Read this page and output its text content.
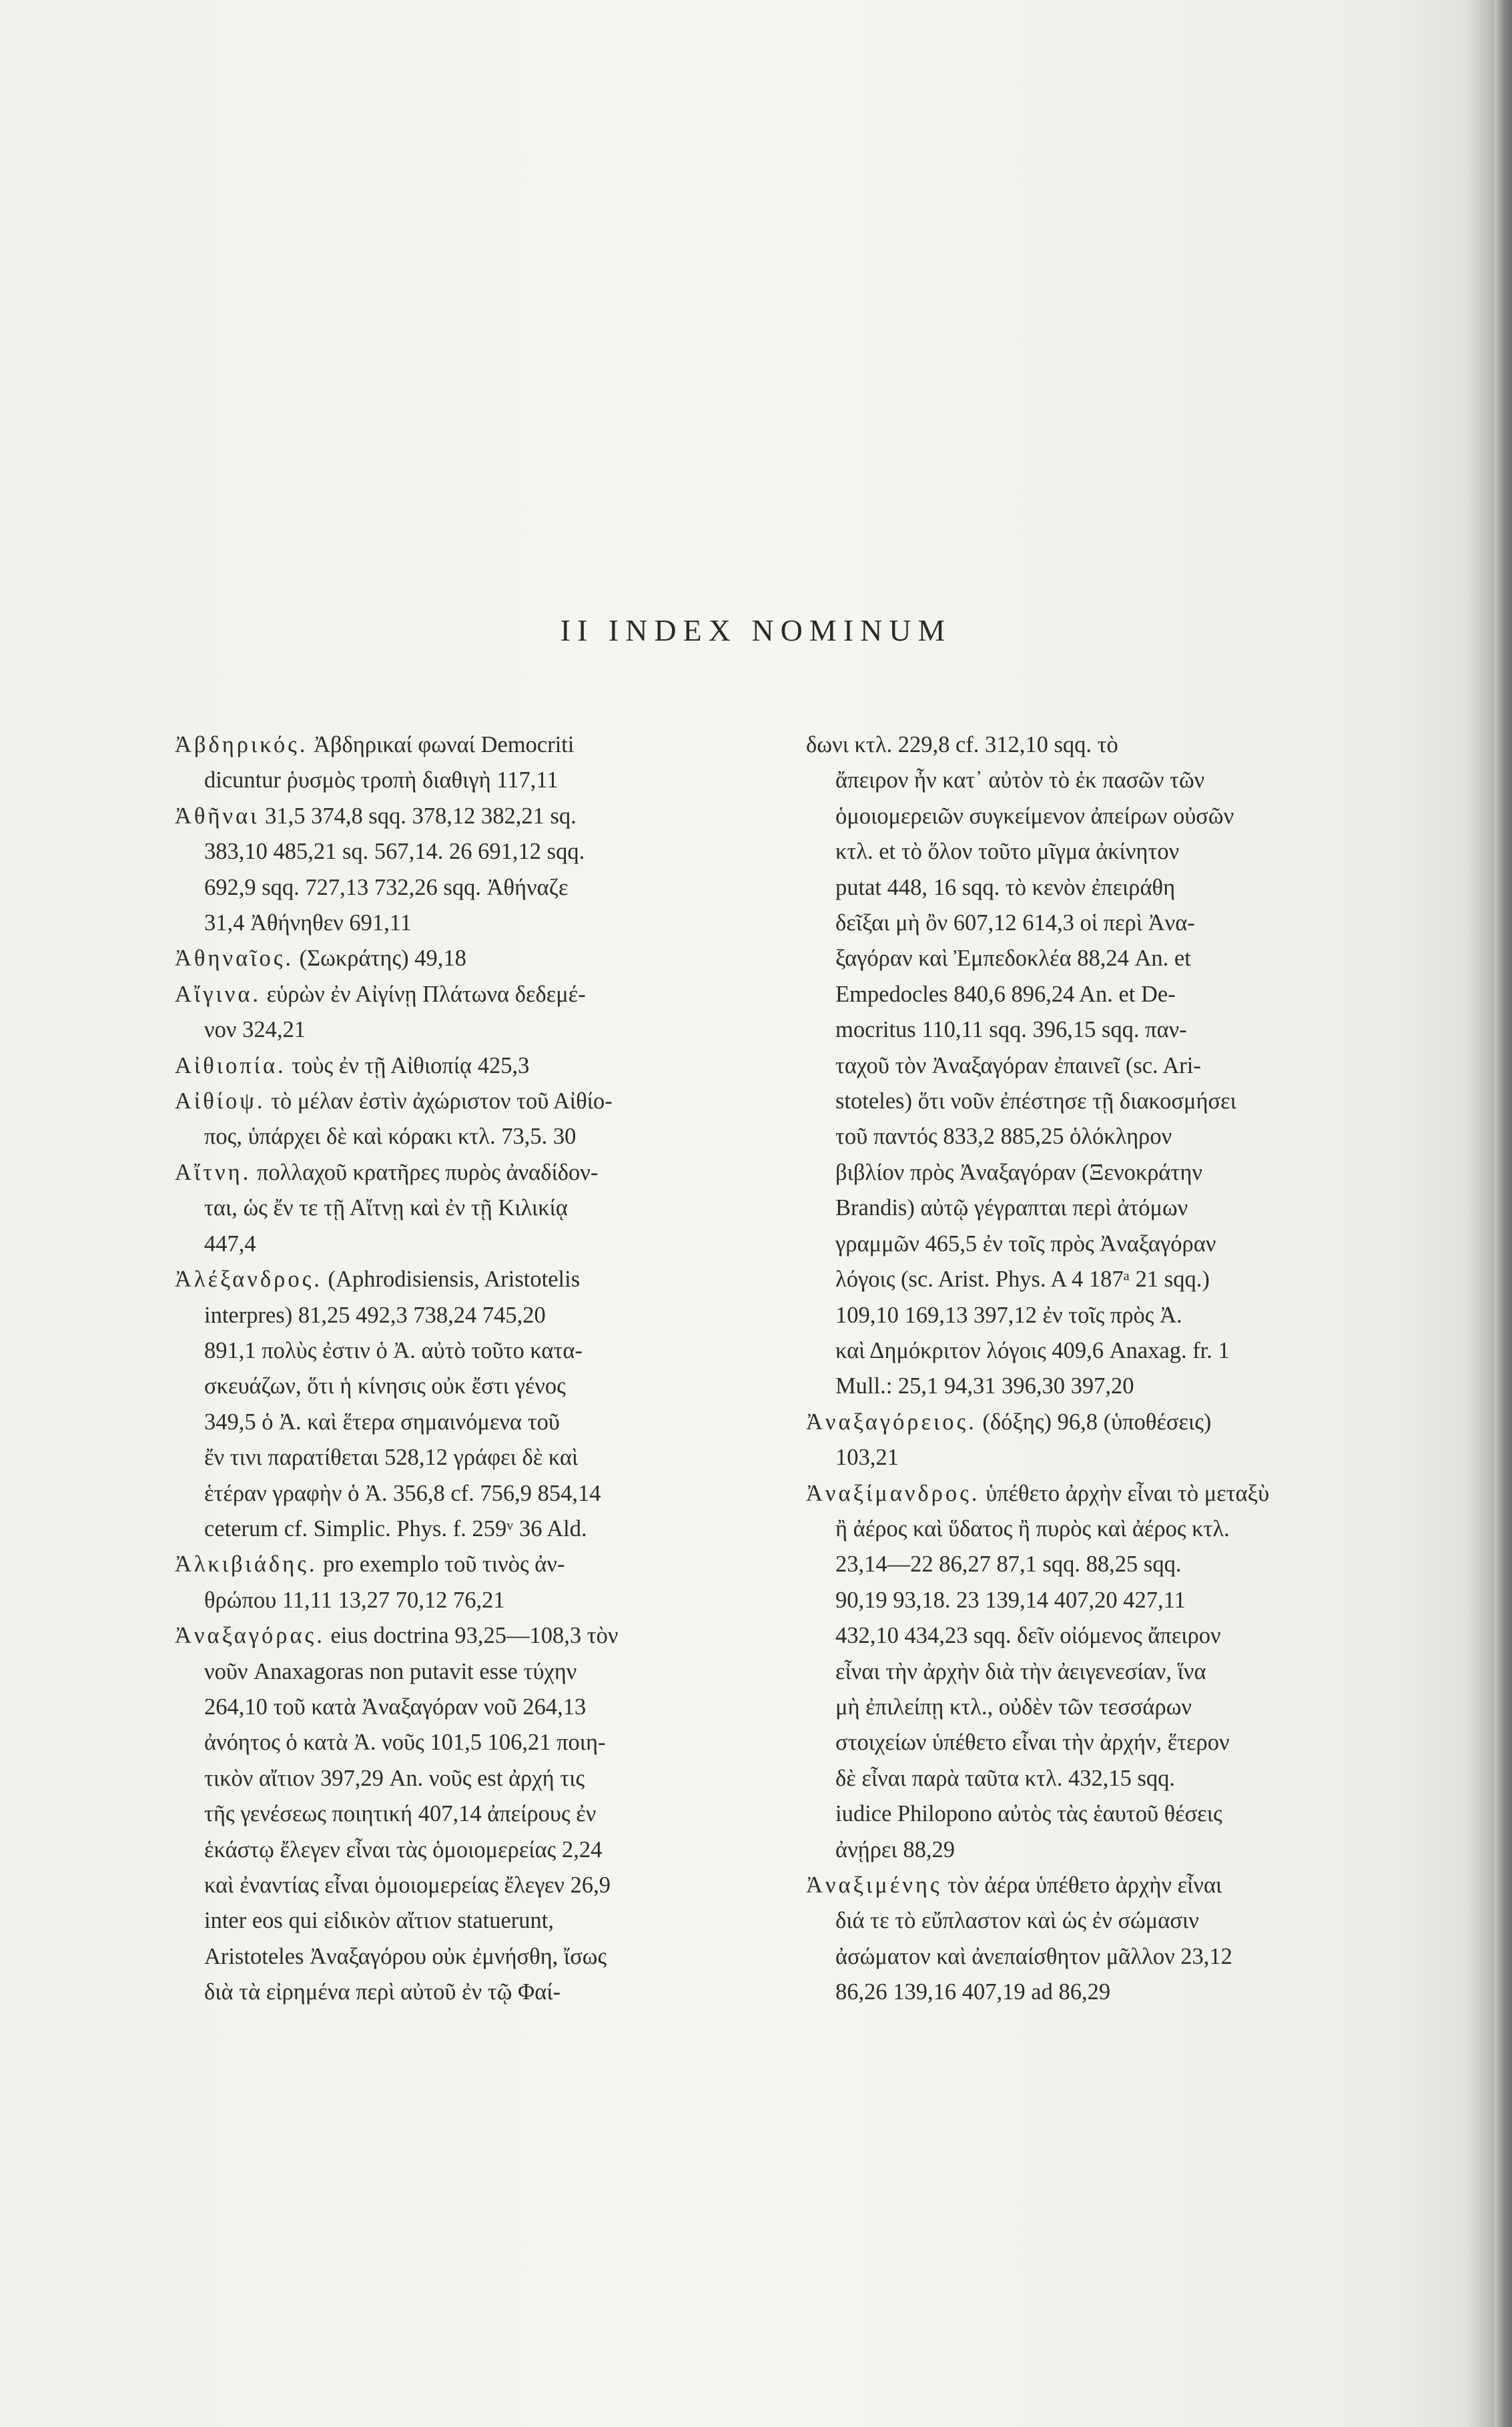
II INDEX NOMINUM
Ἀβδηρικός. Ἀβδηρικαί φωναί Democriti
dicuntur ῥυσμὸς τροπὴ διαθιγὴ 117,11
Ἀθῆναι 31,5 374,8 sqq. 378,12 382,21 sq.
383,10 485,21 sq. 567,14. 26 691,12 sqq.
692,9 sqq. 727,13 732,26 sqq. Ἀθήναζε
31,4 Ἀθήνηθεν 691,11
Ἀθηναῖος. (Σωκράτης) 49,18
Αἴγινα. εὑρὼν ἐν Αἰγίνῃ Πλάτωνα δεδεμέ-
νον 324,21
Αἰθιοπία. τοὺς ἐν τῇ Αἰθιοπίᾳ 425,3
Αἰθίοψ. τὸ μέλαν ἐστὶν ἀχώριστον τοῦ Αἰθίο-
πος, ὑπάρχει δὲ καὶ κόρακι κτλ. 73,5. 30
Αἴτνη. πολλαχοῦ κρατῆρες πυρὸς ἀναδίδον-
ται, ὡς ἔν τε τῇ Αἴτνῃ καὶ ἐν τῇ Κιλικίᾳ
447,4
Ἀλέξανδρος. (Aphrodisiensis, Aristotelis
interpres) 81,25 492,3 738,24 745,20
891,1 πολὺς ἐστιν ὁ Ἀ. αὐτὸ τοῦτο κατα-
σκευάζων, ὅτι ἡ κίνησις οὐκ ἔστι γένος
349,5 ὁ Ἀ. καὶ ἕτερα σημαινόμενα τοῦ
ἔν τινι παρατίθεται 528,12 γράφει δὲ καὶ
ἑτέραν γραφὴν ὁ Ἀ. 356,8 cf. 756,9 854,14
ceterum cf. Simplic. Phys. f. 259ᵛ 36 Ald.
Ἀλκιβιάδης. pro exemplo τοῦ τινὸς ἀν-
θρώπου 11,11 13,27 70,12 76,21
Ἀναξαγόρας. eius doctrina 93,25—108,3 τὸν
νοῦν Anaxagoras non putavit esse τύχην
264,10 τοῦ κατὰ Ἀναξαγόραν νοῦ 264,13
ἀνόητος ὁ κατὰ Ἀ. νοῦς 101,5 106,21 ποιη-
τικὸν αἴτιον 397,29 An. νοῦς est ἀρχή τις
τῆς γενέσεως ποιητική 407,14 ἀπείρους ἐν
ἑκάστῳ ἔλεγεν εἶναι τὰς ὁμοιομερείας 2,24
καὶ ἐναντίας εἶναι ὁμοιομερείας ἔλεγεν 26,9
inter eos qui εἰδικὸν αἴτιον statuerunt,
Aristoteles Ἀναξαγόρου οὐκ ἐμνήσθη, ἴσως
διὰ τὰ εἰρημένα περὶ αὐτοῦ ἐν τῷ Φαί-
δωνι κτλ. 229,8 cf. 312,10 sqq. τὸ
ἄπειρον ἦν κατ᾽ αὐτὸν τὸ ἐκ πασῶν τῶν
ὁμοιομερειῶν συγκείμενον ἀπείρων οὐσῶν
κτλ. et τὸ ὅλον τοῦτο μῖγμα ἀκίνητον
putat 448, 16 sqq. τὸ κενὸν ἐπειράθη
δεῖξαι μὴ ὂν 607,12 614,3 οἱ περὶ Ἀνα-
ξαγόραν καὶ Ἐμπεδοκλέα 88,24 An. et
Empedocles 840,6 896,24 An. et De-
mocritus 110,11 sqq. 396,15 sqq. παν-
ταχοῦ τὸν Ἀναξαγόραν ἐπαινεῖ (sc. Ari-
stoteles) ὅτι νοῦν ἐπέστησε τῇ διακοσμήσει
τοῦ παντός 833,2 885,25 ὁλόκληρον
βιβλίον πρὸς Ἀναξαγόραν (Ξενοκράτην
Brandis) αὐτῷ γέγραπται περὶ ἀτόμων
γραμμῶν 465,5 ἐν τοῖς πρὸς Ἀναξαγόραν
λόγοις (sc. Arist. Phys. A 4 187ᵃ 21 sqq.)
109,10 169,13 397,12 ἐν τοῖς πρὸς Ἀ.
καὶ Δημόκριτον λόγοις 409,6 Anaxag. fr. 1
Mull.: 25,1 94,31 396,30 397,20
Ἀναξαγόρειος. (δόξης) 96,8 (ὑποθέσεις)
103,21
Ἀναξίμανδρος. ὑπέθετο ἀρχὴν εἶναι τὸ μεταξὺ
ἢ ἀέρος καὶ ὕδατος ἢ πυρὸς καὶ ἀέρος κτλ.
23,14—22 86,27 87,1 sqq. 88,25 sqq.
90,19 93,18. 23 139,14 407,20 427,11
432,10 434,23 sqq. δεῖν οἰόμενος ἄπειρον
εἶναι τὴν ἀρχὴν διὰ τὴν ἀειγενεσίαν, ἵνα
μὴ ἐπιλείπῃ κτλ., οὐδὲν τῶν τεσσάρων
στοιχείων ὑπέθετο εἶναι τὴν ἀρχήν, ἕτερον
δὲ εἶναι παρὰ ταῦτα κτλ. 432,15 sqq.
iudice Philopono αὐτὸς τὰς ἑαυτοῦ θέσεις
ἀνῄρει 88,29
Ἀναξιμένης τὸν ἀέρα ὑπέθετο ἀρχὴν εἶναι
διά τε τὸ εὔπλαστον καὶ ὡς ἐν σώμασιν
ἀσώματον καὶ ἀνεπαίσθητον μᾶλλον 23,12
86,26 139,16 407,19 ad 86,29
